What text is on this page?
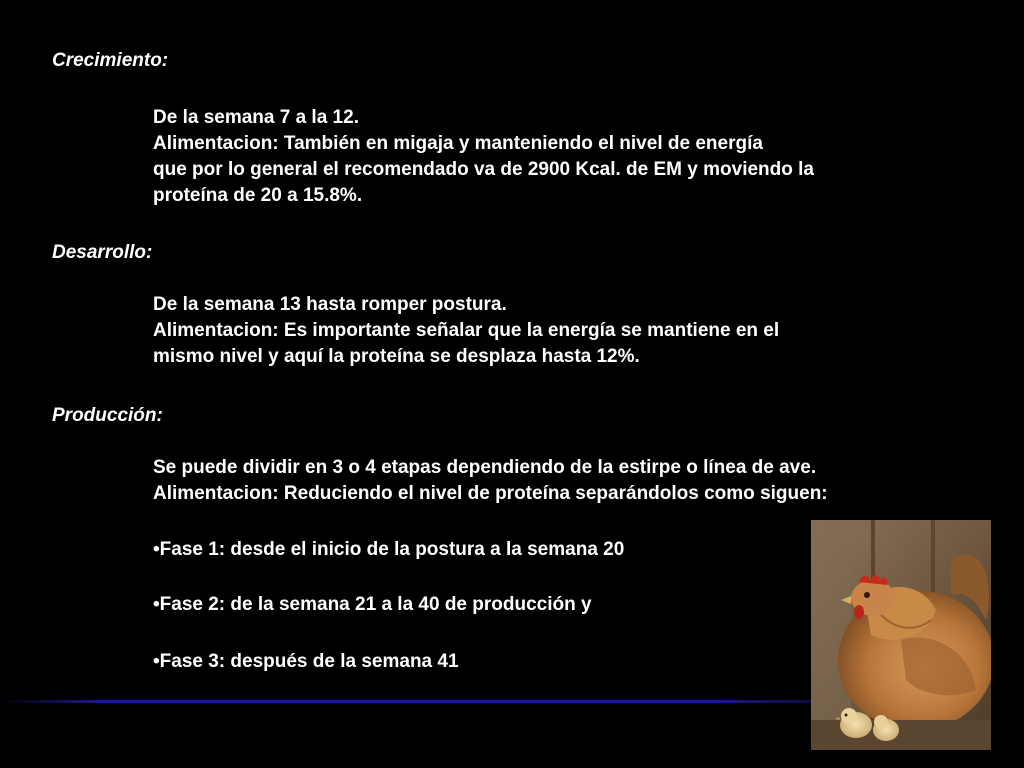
Crecimiento:
De la semana 7 a la 12.
Alimentacion: También en migaja y manteniendo el nivel de energía
que por lo general el recomendado va de 2900 Kcal. de EM y moviendo la
proteína de 20 a 15.8%.
Desarrollo:
De la semana 13 hasta romper postura.
Alimentacion: Es importante señalar que la energía se mantiene en el
mismo nivel y aquí la proteína se desplaza hasta 12%.
Producción:
Se puede dividir en 3 o 4 etapas dependiendo de la estirpe o línea de ave.
Alimentacion: Reduciendo el nivel de proteína separándolos como siguen:
•Fase 1: desde el inicio de la postura a la semana 20
•Fase 2: de la semana 21 a la 40 de producción y
•Fase 3: después de la semana 41
